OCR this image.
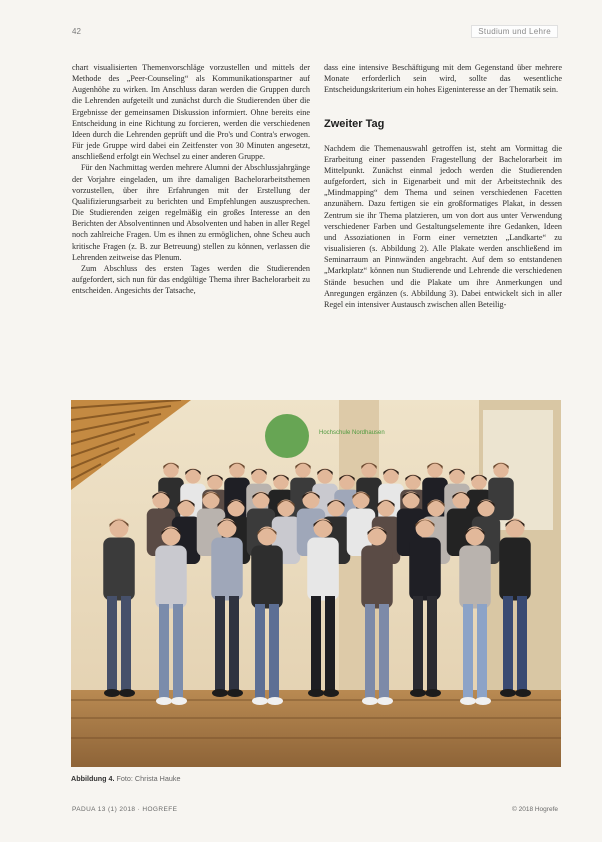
42	Studium und Lehre

chart visualisierten Themenvorschläge vorzustellen und mittels der Methode des „Peer-Counseling“ als Kommunikationspartner auf Augenhöhe zu wirken. Im Anschluss daran werden die Gruppen durch die Lehrenden aufgeteilt und zunächst durch die Studierenden über die Ergebnisse der gemeinsamen Diskussion informiert. Ohne bereits eine Entscheidung in eine Richtung zu forcieren, werden die verschiedenen Ideen durch die Lehrenden geprüft und die Pro's und Contra's erwogen. Für jede Gruppe wird dabei ein Zeitfenster von 30 Minuten angesetzt, anschließend erfolgt ein Wechsel zu einer anderen Gruppe.

Für den Nachmittag werden mehrere Alumni der Abschlussjahrgänge der Vorjahre eingeladen, um ihre damaligen Bachelorarbeitsthemen vorzustellen, über ihre Erfahrungen mit der Erstellung der Qualifizierungsarbeit zu berichten und Empfehlungen auszusprechen. Die Studierenden zeigen regelmäßig ein großes Interesse an den Berichten der Absolventinnen und Absolventen und haben in aller Regel noch zahlreiche Fragen. Um es ihnen zu ermöglichen, ohne Scheu auch kritische Fragen (z. B. zur Betreuung) stellen zu können, verlassen die Lehrenden zeitweise das Plenum.

Zum Abschluss des ersten Tages werden die Studierenden aufgefordert, sich nun für das endgültige Thema ihrer Bachelorarbeit zu entscheiden. Angesichts der Tatsache,

dass eine intensive Beschäftigung mit dem Gegenstand über mehrere Monate erforderlich sein wird, sollte das wesentliche Entscheidungskriterium ein hohes Eigeninteresse an der Thematik sein.

Zweiter Tag

Nachdem die Themenauswahl getroffen ist, steht am Vormittag die Erarbeitung einer passenden Fragestellung der Bachelorarbeit im Mittelpunkt. Zunächst einmal jedoch werden die Studierenden aufgefordert, sich in Eigenarbeit und mit der Arbeitstechnik des „Mindmapping“ dem Thema und seinen verschiedenen Facetten anzunähern. Dazu fertigen sie ein großformatiges Plakat, in dessen Zentrum sie ihr Thema platzieren, um von dort aus unter Verwendung verschiedener Farben und Gestaltungselemente ihre Gedanken, Ideen und Assoziationen in Form einer vernetzten „Landkarte“ zu visualisieren (s. Abbildung 2). Alle Plakate werden anschließend im Seminarraum an Pinnwänden angebracht. Auf dem so entstandenen „Marktplatz“ können nun Studierende und Lehrende die verschiedenen Stände besuchen und die Plakate um ihre Anmerkungen und Anregungen ergänzen (s. Abbildung 3). Dabei entwickelt sich in aller Regel ein intensiver Austausch zwischen allen Beteilig-

Hochschule Nordhausen
Abbildung 4. Foto: Christa Hauke
PADUA 13 (1) 2018 · HOGREFE	© 2018 Hogrefe
